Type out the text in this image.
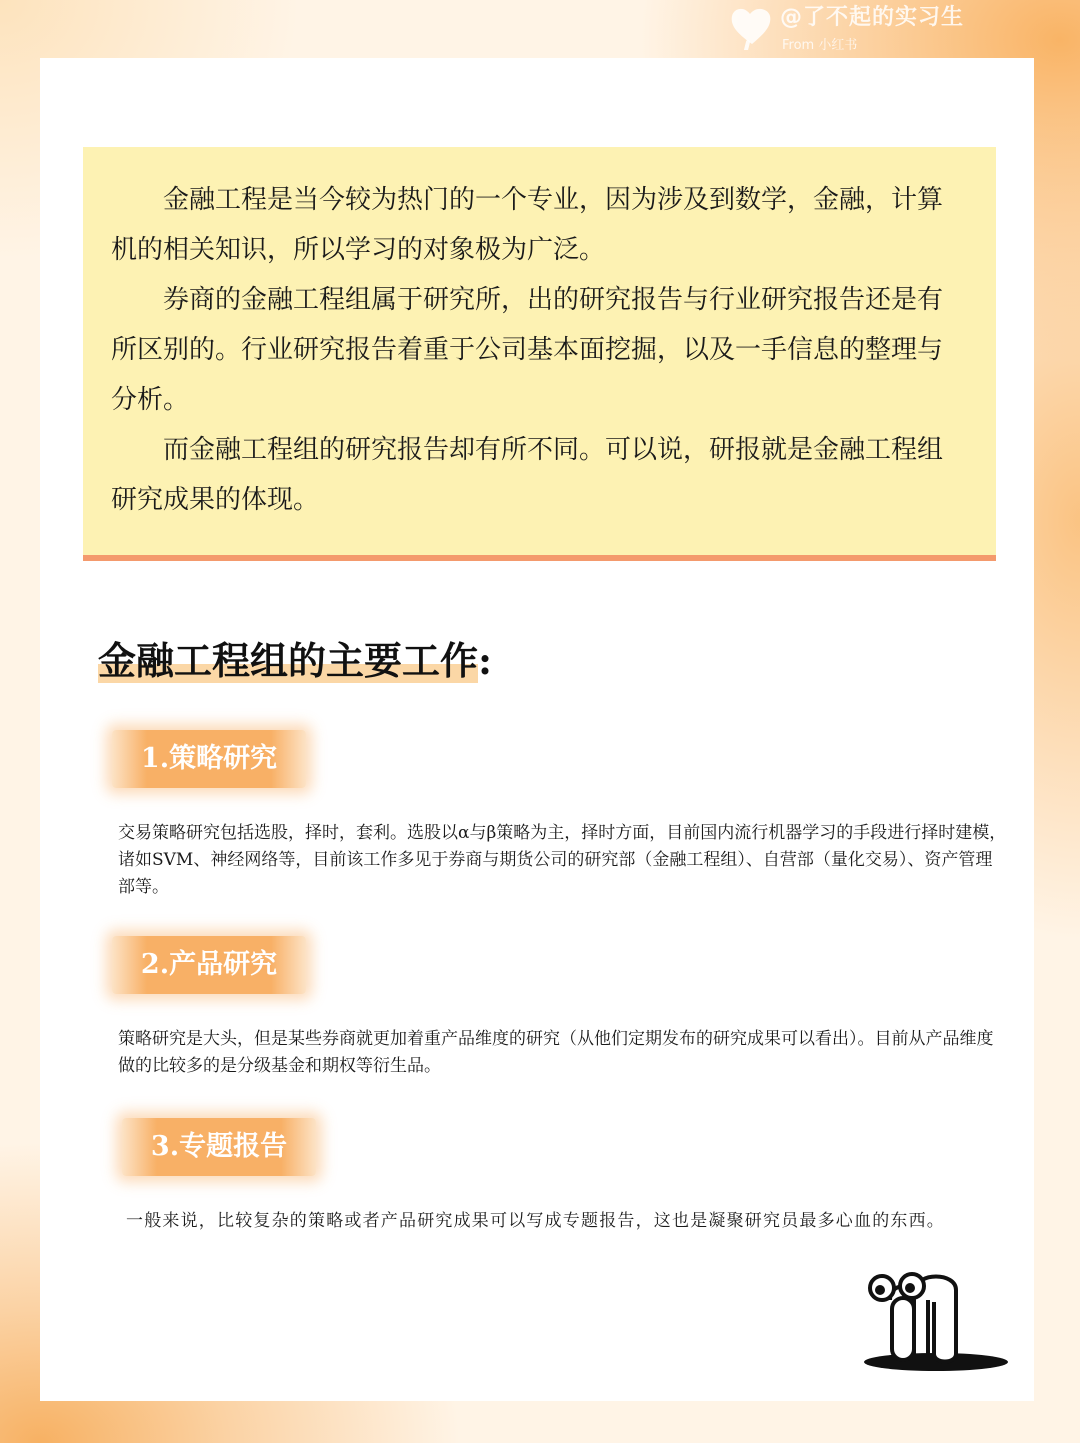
@了不起的实习生
From 小红书

金融工程是当今较为热门的一个专业，因为涉及到数学，金融，计算机的相关知识，所以学习的对象极为广泛。

券商的金融工程组属于研究所，出的研究报告与行业研究报告还是有所区别的。行业研究报告着重于公司基本面挖掘，以及一手信息的整理与分析。

而金融工程组的研究报告却有所不同。可以说，研报就是金融工程组研究成果的体现。

金融工程组的主要工作:
1.策略研究

交易策略研究包括选股，择时，套利。选股以α与β策略为主，择时方面，目前国内流行机器学习的手段进行择时建模，诸如SVM、神经网络等，目前该工作多见于券商与期货公司的研究部（金融工程组）、自营部（量化交易）、资产管理部等。

2.产品研究

策略研究是大头，但是某些券商就更加着重产品维度的研究（从他们定期发布的研究成果可以看出）。目前从产品维度做的比较多的是分级基金和期权等衍生品。

3.专题报告

一般来说，比较复杂的策略或者产品研究成果可以写成专题报告，这也是凝聚研究员最多心血的东西。
